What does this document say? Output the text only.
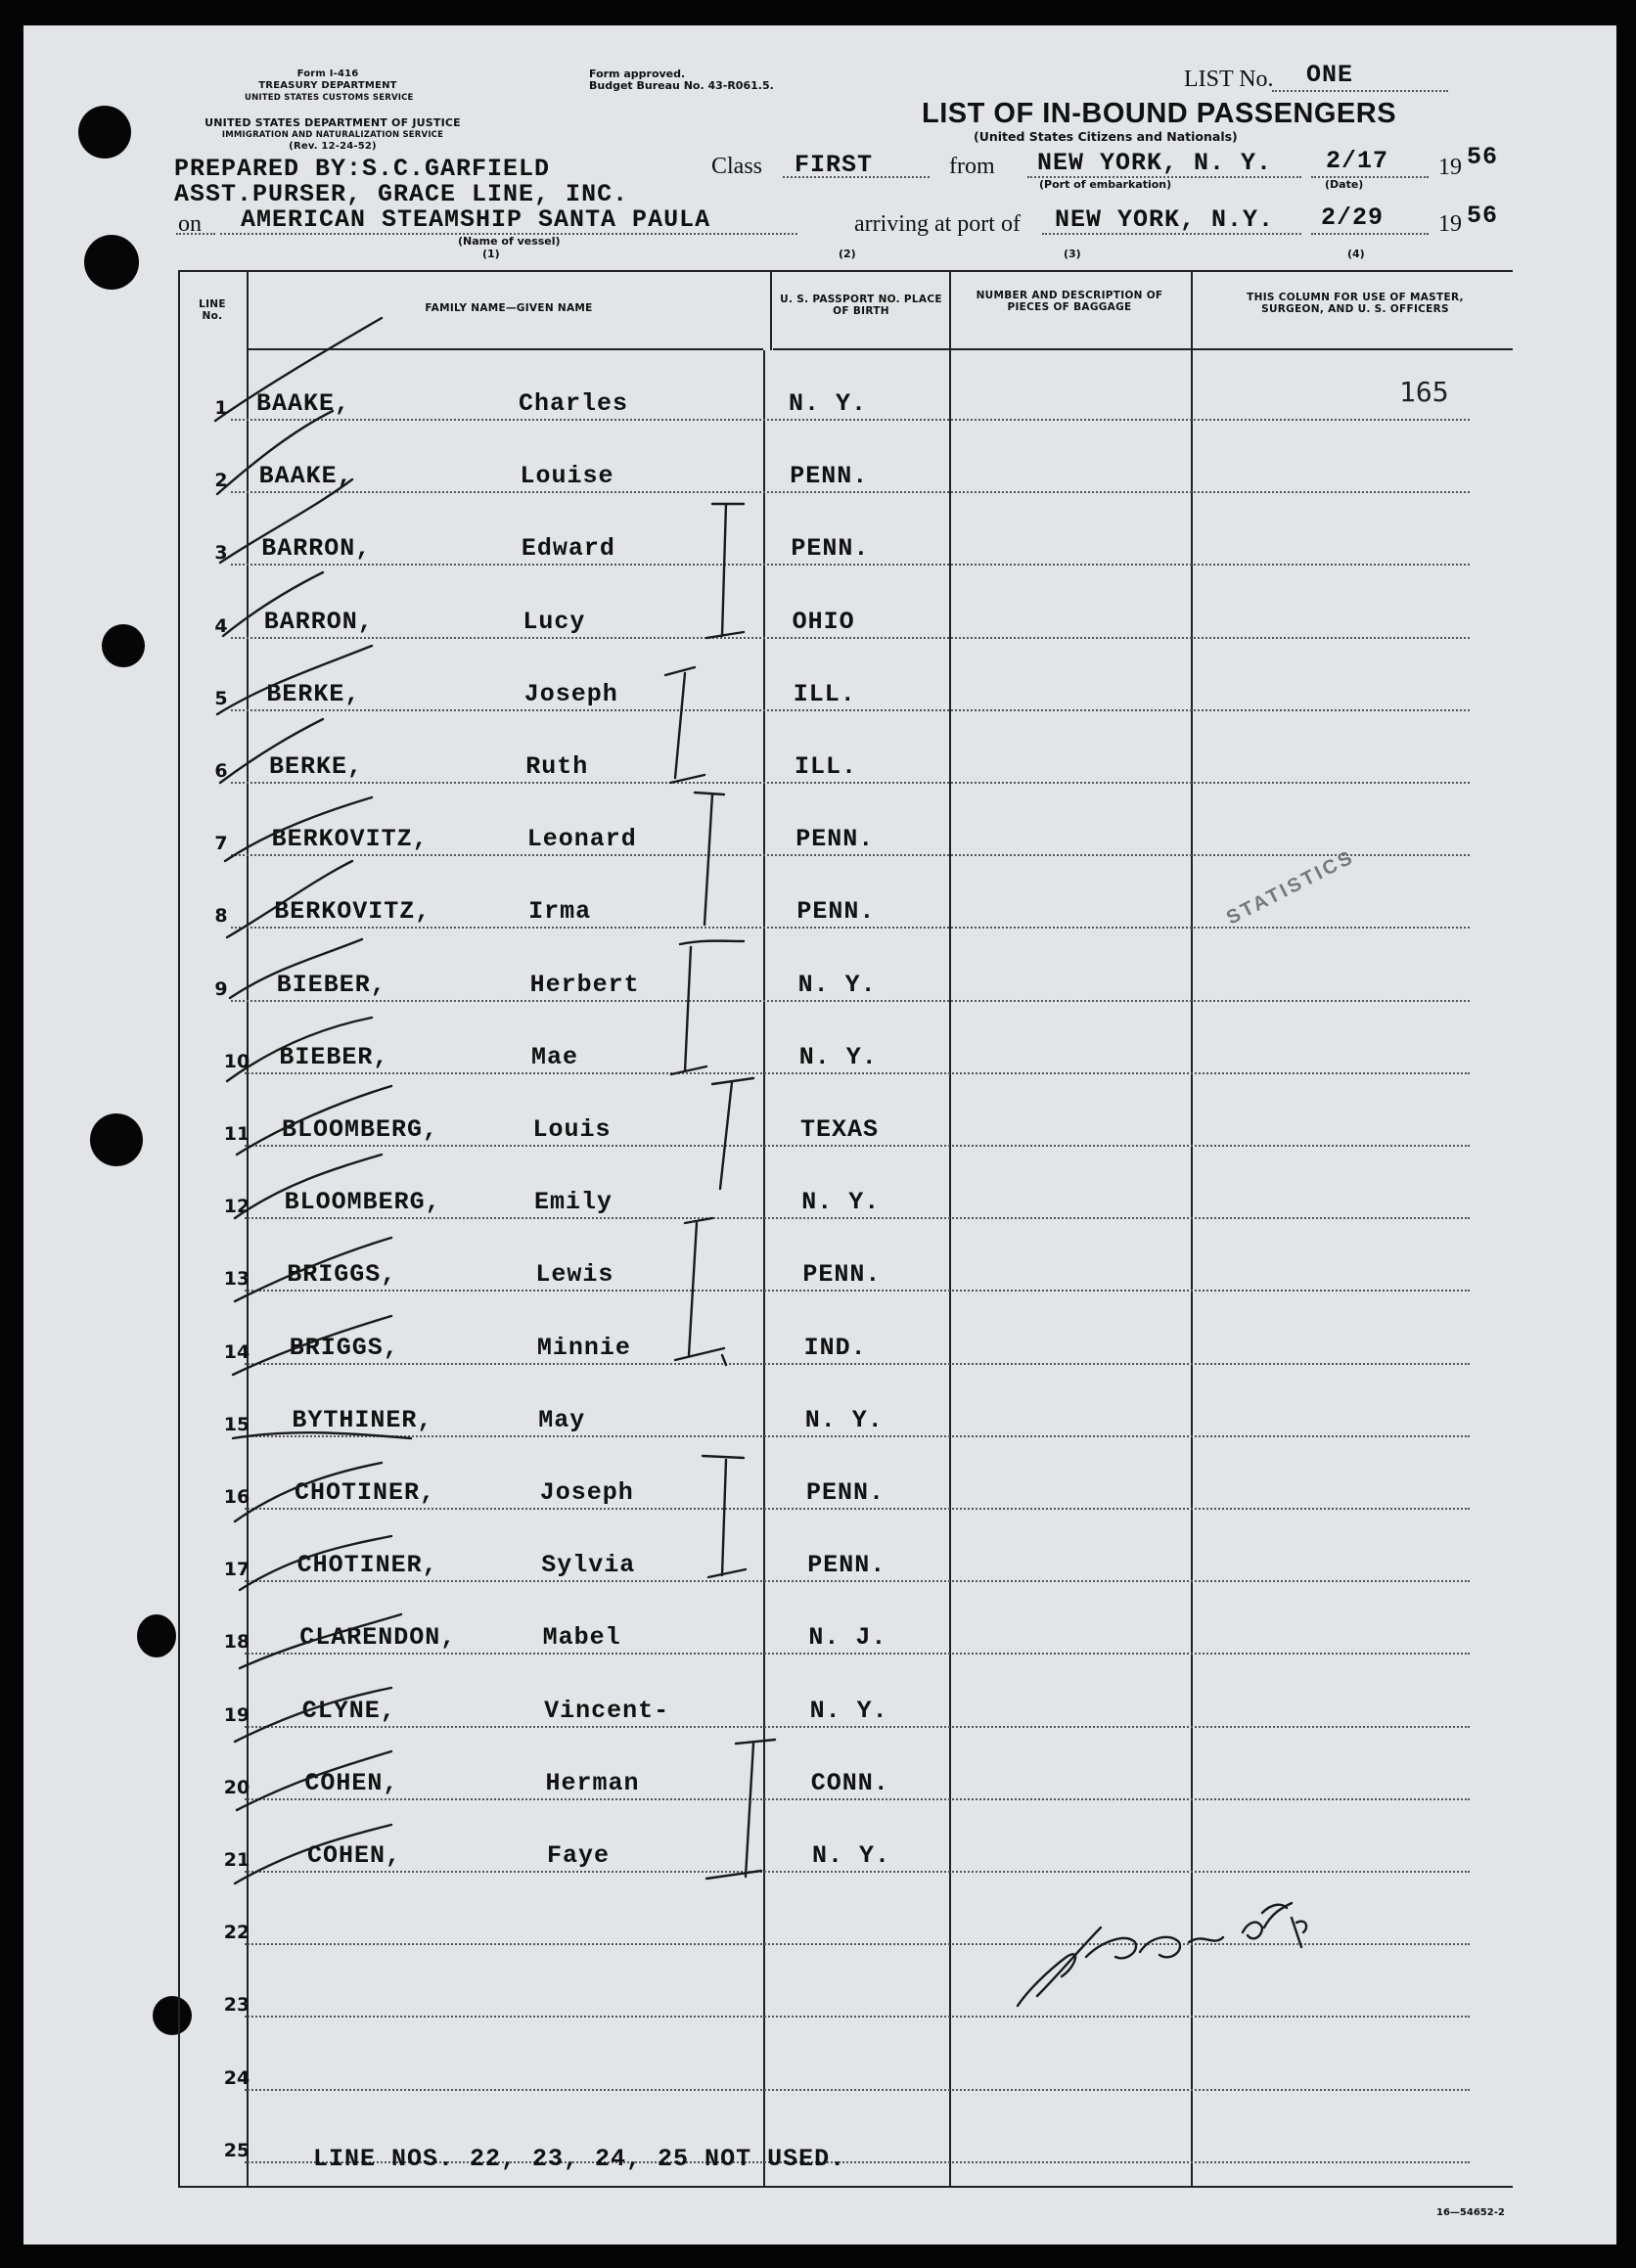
Form I-416
TREASURY DEPARTMENT
UNITED STATES CUSTOMS SERVICE
Form approved.
Budget Bureau No. 43-R061.5.
UNITED STATES DEPARTMENT OF JUSTICE
IMMIGRATION AND NATURALIZATION SERVICE
(Rev. 12-24-52)
LIST No. ONE
LIST OF IN-BOUND PASSENGERS
(United States Citizens and Nationals)
PREPARED BY:S.C.GARFIELD
ASST.PURSER, GRACE LINE, INC.
Class FIRST	from NEW YORK, N. Y. 2/17 19 56
(Port of embarkation)	(Date)
on AMERICAN STEAMSHIP SANTA PAULA	arriving at port of NEW YORK, N.Y. 2/29 19 56
(Name of vessel)
(1)	(2)	(3)	(4)
LINE No.
FAMILY NAME—GIVEN NAME
U. S. PASSPORT NO. PLACE OF BIRTH
NUMBER AND DESCRIPTION OF PIECES OF BAGGAGE
THIS COLUMN FOR USE OF MASTER, SURGEON, AND U. S. OFFICERS
1	BAAKE,	Charles	N. Y.
2	BAAKE,	Louise	PENN.
3	BARRON,	Edward	PENN.
4	BARRON,	Lucy	OHIO
5	BERKE,	Joseph	ILL.
6	BERKE,	Ruth	ILL.
7	BERKOVITZ,	Leonard	PENN.
8	BERKOVITZ,	Irma	PENN.
9	BIEBER,	Herbert	N. Y.
10 BIEBER,	Mae	N. Y.
11 BLOOMBERG,	Louis	TEXAS
12 BLOOMBERG,	Emily	N. Y.
13 BRIGGS,	Lewis	PENN.
14 BRIGGS,	Minnie	IND.
15 BYTHINER,	May	N. Y.
16 CHOTINER,	Joseph	PENN.
17 CHOTINER,	Sylvia	PENN.
18 CLARENDON,	Mabel	N. J.
19 CLYNE,	Vincent-	N. Y.
20 COHEN,	Herman	CONN.
21 COHEN,	Faye	N. Y.
22
23
24
25	LINE NOS. 22, 23, 24, 25 NOT USED.
16—54652-2
165
STATISTICS
